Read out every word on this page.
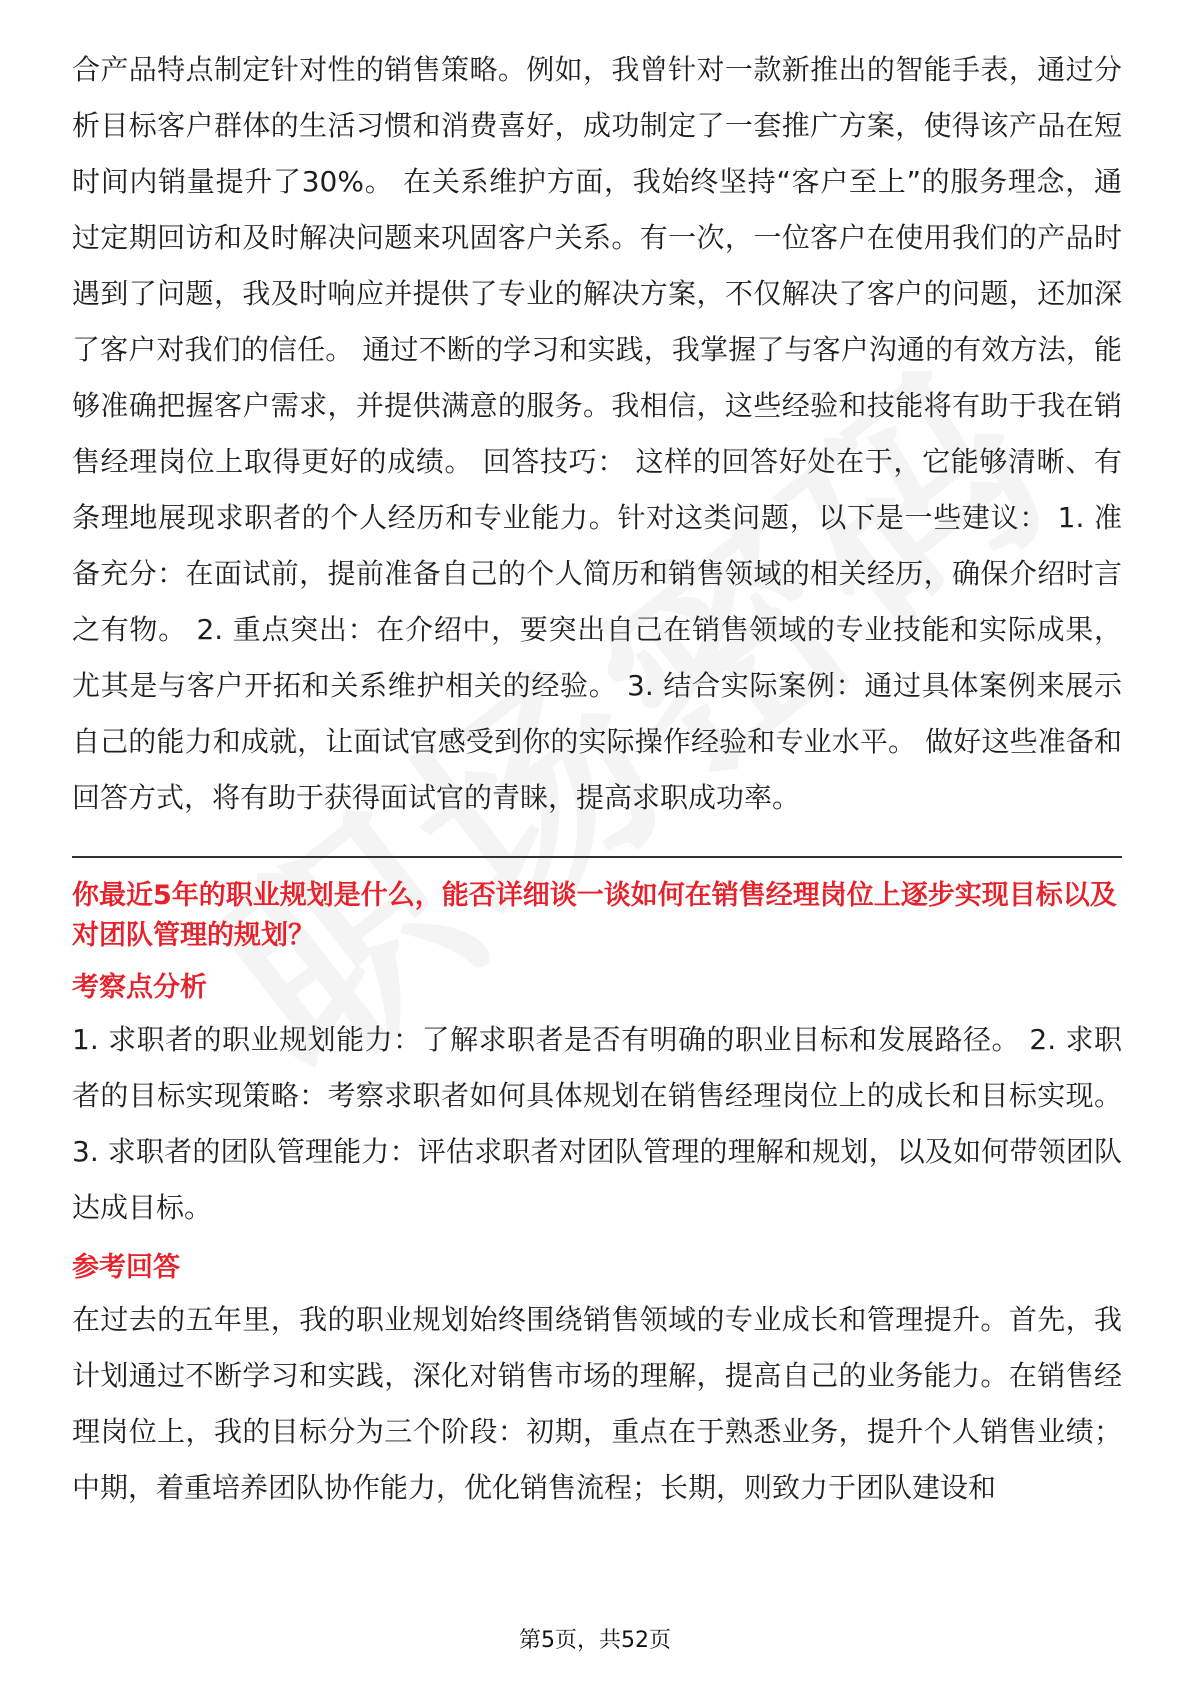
合产品特点制定针对性的销售策略。例如，我曾针对一款新推出的智能手表，通过分析目标客户群体的生活习惯和消费喜好，成功制定了一套推广方案，使得该产品在短时间内销量提升了30%。 在关系维护方面，我始终坚持“客户至上”的服务理念，通过定期回访和及时解决问题来巩固客户关系。有一次，一位客户在使用我们的产品时遇到了问题，我及时响应并提供了专业的解决方案，不仅解决了客户的问题，还加深了客户对我们的信任。 通过不断的学习和实践，我掌握了与客户沟通的有效方法，能够准确把握客户需求，并提供满意的服务。我相信，这些经验和技能将有助于我在销售经理岗位上取得更好的成绩。 回答技巧： 这样的回答好处在于，它能够清晰、有条理地展现求职者的个人经历和专业能力。针对这类问题，以下是一些建议： 1. 准备充分：在面试前，提前准备自己的个人简历和销售领域的相关经历，确保介绍时言之有物。 2. 重点突出：在介绍中，要突出自己在销售领域的专业技能和实际成果，尤其是与客户开拓和关系维护相关的经验。 3. 结合实际案例：通过具体案例来展示自己的能力和成就，让面试官感受到你的实际操作经验和专业水平。 做好这些准备和回答方式，将有助于获得面试官的青睐，提高求职成功率。

你最近5年的职业规划是什么，能否详细谈一谈如何在销售经理岗位上逐步实现目标以及对团队管理的规划？
考察点分析

1. 求职者的职业规划能力：了解求职者是否有明确的职业目标和发展路径。 2. 求职者的目标实现策略：考察求职者如何具体规划在销售经理岗位上的成长和目标实现。 3. 求职者的团队管理能力：评估求职者对团队管理的理解和规划，以及如何带领团队达成目标。

参考回答

在过去的五年里，我的职业规划始终围绕销售领域的专业成长和管理提升。首先，我计划通过不断学习和实践，深化对销售市场的理解，提高自己的业务能力。在销售经理岗位上，我的目标分为三个阶段：初期，重点在于熟悉业务，提升个人销售业绩；中期，着重培养团队协作能力，优化销售流程；长期，则致力于团队建设和

第5页，共52页
